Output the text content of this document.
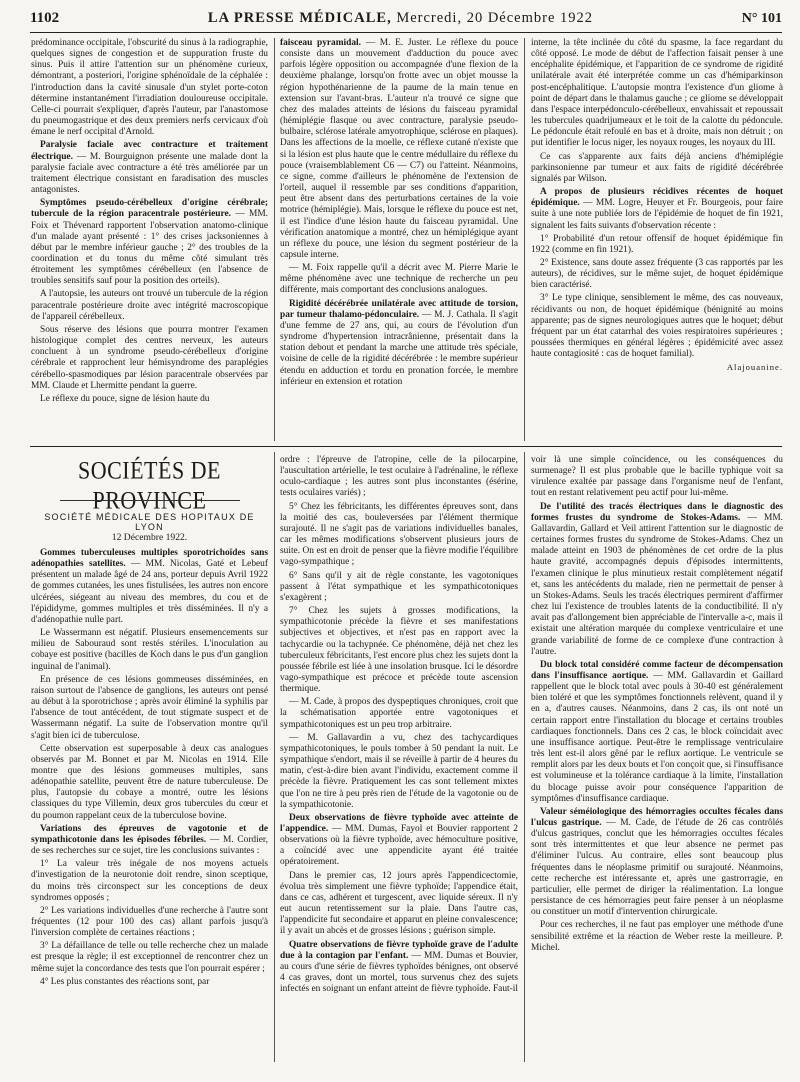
1102	LA PRESSE MÉDICALE, Mercredi, 20 Décembre 1922	N° 101

prédominance occipitale, l'obscurité du sinus à la radiographie, quelques signes de congestion et de suppuration fruste du sinus. Puis il attire l'attention sur un phénomène curieux, démontrant, a posteriori, l'origine sphénoïdale de la céphalée : l'introduction dans la cavité sinusale d'un stylet porte-coton détermine instantanément l'irradiation douloureuse occipitale. Celle-ci pourrait s'expliquer, d'après l'auteur, par l'anastomose du pneumogastrique et des deux premiers nerfs cervicaux d'où émane le nerf occipital d'Arnold.

Paralysie faciale avec contracture et traitement électrique. — M. Bourguignon présente une malade dont la paralysie faciale avec contracture a été très améliorée par un traitement électrique consistant en faradisation des muscles antagonistes.

Symptômes pseudo-cérébelleux d'origine cérébrale; tubercule de la région paracentrale postérieure. — MM. Foix et Thévenard rapportent l'observation anatomo-clinique d'un malade ayant présenté : 1° des crises jacksoniennes à début par le membre inférieur gauche ; 2° des troubles de la coordination et du tonus du même côté simulant très étroitement les symptômes cérébelleux (en l'absence de troubles sensitifs sauf pour la position des orteils).

A l'autopsie, les auteurs ont trouvé un tubercule de la région paracentrale postérieure droite avec intégrité macroscopique de l'appareil cérébelleux.

Sous réserve des lésions que pourra montrer l'examen histologique complet des centres nerveux, les auteurs concluent à un syndrome pseudo-cérébelleux d'origine cérébrale et rapprochent leur hémisyndrome des paraplégies cérébello-spasmodiques par lésion paracentrale observées par MM. Claude et Lhermitte pendant la guerre.

Le réflexe du pouce, signe de lésion haute du

faisceau pyramidal. — M. E. Juster. Le réflexe du pouce consiste dans un mouvement d'adduction du pouce avec parfois légère opposition ou accompagnée d'une flexion de la deuxième phalange, lorsqu'on frotte avec un objet mousse la région hypothénarienne de la paume de la main tenue en extension sur l'avant-bras. L'auteur n'a trouvé ce signe que chez des malades atteints de lésions du faisceau pyramidal (hémiplégie flasque ou avec contracture, paralysie pseudo-bulbaire, sclérose latérale amyotrophique, sclérose en plaques). Dans les affections de la moelle, ce réflexe cutané n'existe que si la lésion est plus haute que le centre médullaire du réflexe du pouce (vraisemblablement C6 — C7) ou l'atteint. Néanmoins, ce signe, comme d'ailleurs le phénomène de l'extension de l'orteil, auquel il ressemble par ses conditions d'apparition, peut être absent dans des perturbations certaines de la voie motrice (hémiplégie). Mais, lorsque le réflexe du pouce est net, il est l'indice d'une lésion haute du faisceau pyramidal. Une vérification anatomique a montré, chez un hémiplégique ayant un réflexe du pouce, une lésion du segment postérieur de la capsule interne.

— M. Foix rappelle qu'il a décrit avec M. Pierre Marie le même phénomène avec une technique de recherche un peu différente, mais comportant des conclusions analogues.

Rigidité décérébrée unilatérale avec attitude de torsion, par tumeur thalamo-pédonculaire. — M. J. Cathala. Il s'agit d'une femme de 27 ans, qui, au cours de l'évolution d'un syndrome d'hypertension intracrânienne, présentait dans la station debout et pendant la marche une attitude très spéciale, voisine de celle de la rigidité décérébrée : le membre supérieur étendu en adduction et tordu en pronation forcée, le membre inférieur en extension et rotation

interne, la tête inclinée du côté du spasme, la face regardant du côté opposé. Le mode de début de l'affection faisait penser à une encéphalite épidémique, et l'apparition de ce syndrome de rigidité unilatérale avait été interprétée comme un cas d'hémiparkinson post-encéphalitique. L'autopsie montra l'existence d'un gliome à point de départ dans le thalamus gauche ; ce gliome se développait dans l'espace interpédonculo-cérébelleux, envahissait et repoussait les tubercules quadrijumeaux et le toit de la calotte du pédoncule. Le pédoncule était refoulé en bas et à droite, mais non détruit ; on put identifier le locus niger, les noyaux rouges, les noyaux du III.

Ce cas s'apparente aux faits déjà anciens d'hémiplégie parkinsonienne par tumeur et aux faits de rigidité décérébrée signalés par Wilson.

A propos de plusieurs récidives récentes de hoquet épidémique. — MM. Logre, Heuyer et Fr. Bourgeois, pour faire suite à une note publiée lors de l'épidémie de hoquet de fin 1921, signalent les faits suivants d'observation récente :

1° Probabilité d'un retour offensif de hoquet épidémique fin 1922 (comme en fin 1921).

2° Existence, sans doute assez fréquente (3 cas rapportés par les auteurs), de récidives, sur le même sujet, de hoquet épidémique bien caractérisé.

3° Le type clinique, sensiblement le même, des cas nouveaux, récidivants ou non, de hoquet épidémique (bénignité au moins apparente; pas de signes neurologiques autres que le hoquet; début fréquent par un état catarrhal des voies respiratoires supérieures ; poussées thermiques en général légères ; épidémicité avec assez haute contagiosité : cas de hoquet familial).

Alajouanine.

SOCIÉTÉS DE PROVINCE
SOCIÉTÉ MÉDICALE DES HOPITAUX DE LYON
12 Décembre 1922.

Gommes tuberculeuses multiples sporotrichoïdes sans adénopathies satellites. — MM. Nicolas, Gaté et Lebeuf présentent un malade âgé de 24 ans, porteur depuis Avril 1922 de gommes cutanées, les unes fistulisées, les autres non encore ulcérées, siégeant au niveau des membres, du cou et de l'épididyme, gommes multiples et très disséminées. Il n'y a d'adénopathie nulle part.

Le Wassermann est négatif. Plusieurs ensemencements sur milieu de Sabouraud sont restés stériles. L'inoculation au cobaye est positive (bacilles de Koch dans le pus d'un ganglion inguinal de l'animal).

En présence de ces lésions gommeuses disséminées, en raison surtout de l'absence de ganglions, les auteurs ont pensé au début à la sporotrichose ; après avoir éliminé la syphilis par l'absence de tout antécédent, de tout stigmate suspect et de Wassermann négatif. La suite de l'observation montre qu'il s'agit bien ici de tuberculose.

Cette observation est superposable à deux cas analogues observés par M. Bonnet et par M. Nicolas en 1914. Elle montre que des lésions gommeuses multiples, sans adénopathie satellite, peuvent être de nature tuberculeuse. De plus, l'autopsie du cobaye a montré, outre les lésions classiques du type Villemin, deux gros tubercules du cœur et du poumon rappelant ceux de la tuberculose bovine.

Variations des épreuves de vagotonie et de sympathicotonie dans les épisodes fébriles. — M. Cordier, de ses recherches sur ce sujet, tire les conclusions suivantes :

1° La valeur très inégale de nos moyens actuels d'investigation de la neurotonie doit rendre, sinon sceptique, du moins très circonspect sur les conceptions de deux syndromes opposés ;

2° Les variations individuelles d'une recherche à l'autre sont fréquentes (12 pour 100 des cas) allant parfois jusqu'à l'inversion complète de certaines réactions ;

3° La défaillance de telle ou telle recherche chez un malade est presque la règle; il est exceptionnel de rencontrer chez un même sujet la concordance des tests que l'on pourrait espérer ;

4° Les plus constantes des réactions sont, par

ordre : l'épreuve de l'atropine, celle de la pilocarpine, l'auscultation artérielle, le test oculaire à l'adrénaline, le réflexe oculo-cardiaque ; les autres sont plus inconstantes (ésérine, tests oculaires variés) ;

5° Chez les fébricitants, les différentes épreuves sont, dans la moitié des cas, bouleversées par l'élément thermique surajouté. Il ne s'agit pas de variations individuelles banales, car les mêmes modifications s'observent plusieurs jours de suite. On est en droit de penser que la fièvre modifie l'équilibre vago-sympathique ;

6° Sans qu'il y ait de règle constante, les vagotoniques passent à l'état sympathique et les sympathicotoniques s'exagèrent ;

7° Chez les sujets à grosses modifications, la sympathicotonie précède la fièvre et ses manifestations subjectives et objectives, et n'est pas en rapport avec la tachycardie ou la tachypnée. Ce phénomène, déjà net chez les tuberculeux fébricitants, l'est encore plus chez les sujets dont la poussée fébrile est liée à une insolation brusque. Ici le désordre vago-sympathique est précoce et précède toute ascension thermique.

— M. Cade, à propos des dyspeptiques chroniques, croit que la schématisation apportée entre vagotoniques et sympathicotoniques est un peu trop arbitraire.

— M. Gallavardin a vu, chez des tachycardiques sympathicotoniques, le pouls tomber à 50 pendant la nuit. Le sympathique s'endort, mais il se réveille à partir de 4 heures du matin, c'est-à-dire bien avant l'individu, exactement comme il précède la fièvre. Pratiquement les cas sont tellement mixtes que l'on ne tire à peu près rien de l'étude de la vagotonie ou de la sympathicotonie.

Deux observations de fièvre typhoïde avec atteinte de l'appendice. — MM. Dumas, Fayol et Bouvier rapportent 2 observations où la fièvre typhoïde, avec hémoculture positive, a coïncidé avec une appendicite ayant été traitée opératoirement.

Dans le premier cas, 12 jours après l'appendicectomie, évolua très simplement une fièvre typhoïde; l'appendice était, dans ce cas, adhérent et turgescent, avec liquide séreux. Il n'y eut aucun retentissement sur la plaie. Dans l'autre cas, l'appendicite fut secondaire et apparut en pleine convalescence; il y avait un abcès et de grosses lésions ; guérison simple.

Quatre observations de fièvre typhoïde grave de l'adulte due à la contagion par l'enfant. — MM. Dumas et Bouvier, au cours d'une série de fièvres typhoïdes bénignes, ont observé 4 cas graves, dont un mortel, tous survenus chez des sujets infectés en soignant un enfant atteint de fièvre typhoïde. Faut-il

voir là une simple coïncidence, ou les conséquences du surmenage? Il est plus probable que le bacille typhique voit sa virulence exaltée par passage dans l'organisme neuf de l'enfant, tout en restant relativement peu actif pour lui-même.

De l'utilité des tracés électriques dans le diagnostic des formes frustes du syndrome de Stokes-Adams. — MM. Gallavardin, Gallard et Veil attirent l'attention sur le diagnostic de certaines formes frustes du syndrome de Stokes-Adams. Chez un malade atteint en 1903 de phénomènes de cet ordre de la plus haute gravité, accompagnés depuis d'épisodes intermittents, l'examen clinique le plus minutieux restait complètement négatif et, sans les antécédents du malade, rien ne permettait de penser à un Stokes-Adams. Seuls les tracés électriques permirent d'affirmer chez lui l'existence de troubles latents de la conductibilité. Il n'y avait pas d'allongement bien appréciable de l'intervalle a-c, mais il existait une altération marquée du complexe ventriculaire et une grande variabilité de forme de ce complexe d'une contraction à l'autre.

Du block total considéré comme facteur de décompensation dans l'insuffisance aortique. — MM. Gallavardin et Gaillard rappellent que le block total avec pouls à 30-40 est généralement bien toléré et que les symptômes fonctionnels relèvent, quand il y en a, d'autres causes. Néanmoins, dans 2 cas, ils ont noté un certain rapport entre l'installation du blocage et certains troubles cardiaques fonctionnels. Dans ces 2 cas, le block coïncidait avec une insuffisance aortique. Peut-être le remplissage ventriculaire très lent est-il alors gêné par le reflux aortique. Le ventricule se remplit alors par les deux bouts et l'on conçoit que, si l'insuffisance est volumineuse et la tolérance cardiaque à la limite, l'installation du blocage puisse avoir pour conséquence l'apparition de symptômes d'insuffisance cardiaque.

Valeur séméiologique des hémorragies occultes fécales dans l'ulcus gastrique. — M. Cade, de l'étude de 26 cas contrôlés d'ulcus gastriques, conclut que les hémorragies occultes fécales sont très intermittentes et que leur absence ne permet pas d'éliminer l'ulcus. Au contraire, elles sont beaucoup plus fréquentes dans le néoplasme primitif ou surajouté. Néanmoins, cette recherche est intéressante et, après une gastrorragie, en particulier, elle permet de diriger la réalimentation. La longue persistance de ces hémorragies peut faire penser à un néoplasme ou constituer un motif d'intervention chirurgicale.

Pour ces recherches, il ne faut pas employer une méthode d'une sensibilité extrême et la réaction de Weber reste la meilleure. P. Michel.
